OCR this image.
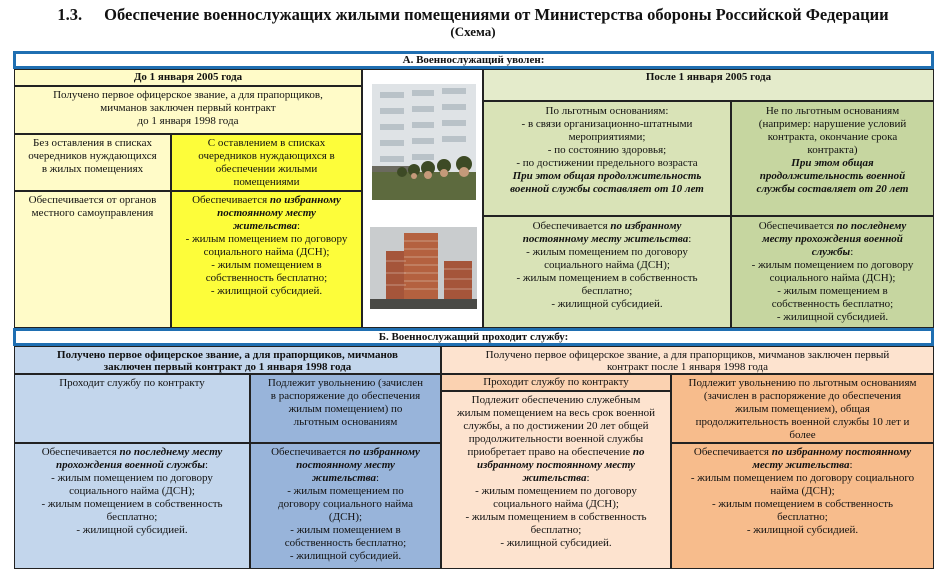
1.3. Обеспечение военнослужащих жилыми помещениями от Министерства обороны Российской Федерации
(Схема)
А. Военнослужащий уволен:
До 1 января 2005 года
Получено первое офицерское звание, а для прапорщиков,
мичманов заключен первый контракт
до 1 января 1998 года
Без оставления в списках
очередников нуждающихся
в жилых помещениях
С оставлением в списках
очередников нуждающихся в
обеспечении жилыми
помещениями
Обеспечивается от органов
местного самоуправления
Обеспечивается по избранному
постоянному месту
жительства:
- жилым помещением по договору
социального найма (ДСН);
- жилым помещением в
собственность бесплатно;
- жилищной субсидией.
После 1 января 2005 года
По льготным основаниям:
- в связи организационно-штатными
мероприятиями;
- по состоянию здоровья;
- по достижении предельного возраста
При этом общая продолжительность
военной службы составляет от 10 лет
Не по льготным основаниям
(например: нарушение условий
контракта, окончание срока
контракта)
При этом общая
продолжительность военной
службы составляет от 20 лет
Обеспечивается по избранному
постоянному месту жительства:
- жилым помещением по договору
социального найма (ДСН);
- жилым помещением в собственность
бесплатно;
- жилищной субсидией.
Обеспечивается по последнему
месту прохождения военной
службы:
- жилым помещением по договору
социального найма (ДСН);
- жилым помещением в
собственность бесплатно;
- жилищной субсидией.
Б. Военнослужащий проходит службу:
Получено первое офицерское звание, а для прапорщиков, мичманов
заключен первый контракт до 1 января 1998 года
Проходит службу по контракту	Подлежит увольнению (зачислен
в распоряжение до обеспечения
жилым помещением) по
льготным основаниям
Обеспечивается по последнему месту
прохождения военной службы:
- жилым помещением по договору
социального найма (ДСН);
- жилым помещением в собственность
бесплатно;
- жилищной субсидией.
Обеспечивается по избранному
постоянному месту
жительства:
- жилым помещением по
договору социального найма
(ДСН);
- жилым помещением в
собственность бесплатно;
- жилищной субсидией.
Получено первое офицерское звание, а для прапорщиков, мичманов заключен первый
контракт после 1 января 1998 года
Проходит службу по контракту
Подлежит обеспечению служебным
жилым помещением на весь срок военной
службы, а по достижении 20 лет общей
продолжительности военной службы
приобретает право на обеспечение по
избранному постоянному месту
жительства:
- жилым помещением по договору
социального найма (ДСН);
- жилым помещением в собственность
бесплатно;
- жилищной субсидией.
Подлежит увольнению по льготным основаниям
(зачислен в распоряжение до обеспечения
жилым помещением), общая
продолжительность военной службы 10 лет и
более
Обеспечивается по избранному постоянному
месту жительства:
- жилым помещением по договору социального
найма (ДСН);
- жилым помещением в собственность
бесплатно;
- жилищной субсидией.
